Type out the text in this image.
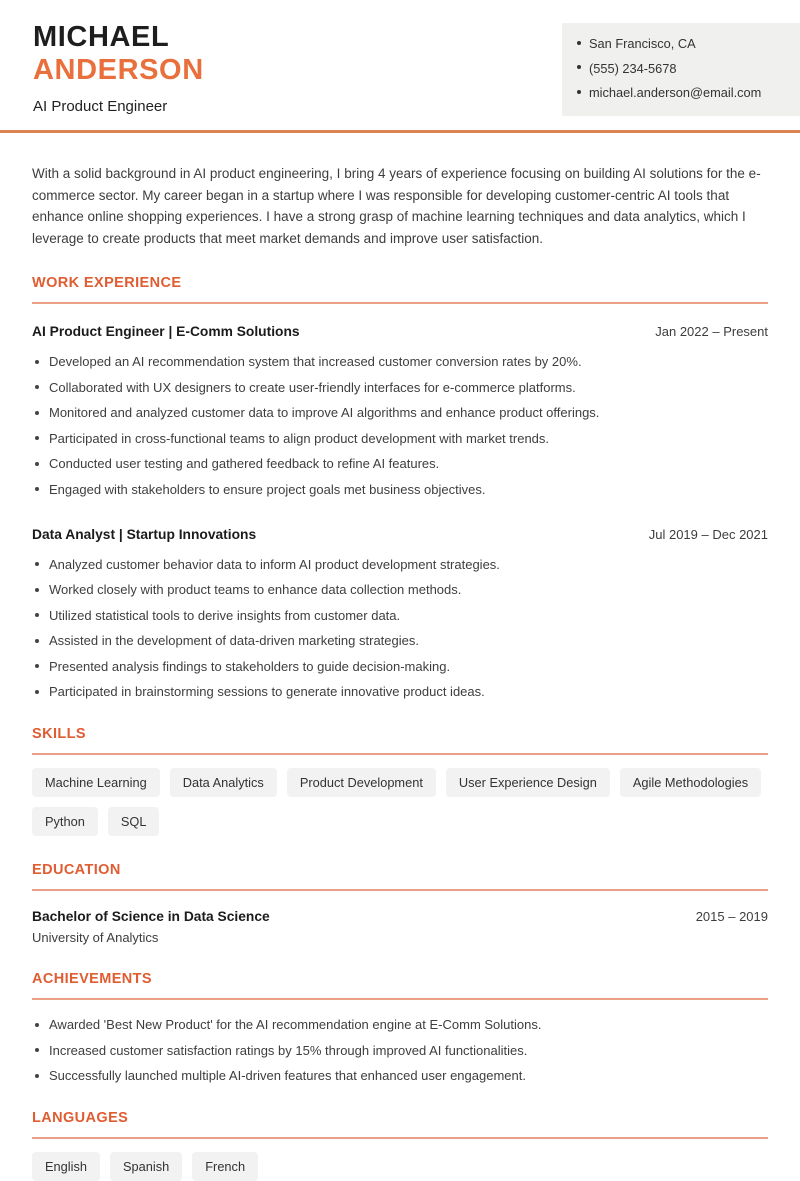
MICHAEL
ANDERSON
AI Product Engineer
San Francisco, CA
(555) 234-5678
michael.anderson@email.com

With a solid background in AI product engineering, I bring 4 years of experience focusing on building AI solutions for the e-commerce sector. My career began in a startup where I was responsible for developing customer-centric AI tools that enhance online shopping experiences. I have a strong grasp of machine learning techniques and data analytics, which I leverage to create products that meet market demands and improve user satisfaction.

WORK EXPERIENCE
AI Product Engineer | E-Comm Solutions	Jan 2022 – Present
Developed an AI recommendation system that increased customer conversion rates by 20%.
Collaborated with UX designers to create user-friendly interfaces for e-commerce platforms.
Monitored and analyzed customer data to improve AI algorithms and enhance product offerings.
Participated in cross-functional teams to align product development with market trends.
Conducted user testing and gathered feedback to refine AI features.
Engaged with stakeholders to ensure project goals met business objectives.
Data Analyst | Startup Innovations	Jul 2019 – Dec 2021
Analyzed customer behavior data to inform AI product development strategies.
Worked closely with product teams to enhance data collection methods.
Utilized statistical tools to derive insights from customer data.
Assisted in the development of data-driven marketing strategies.
Presented analysis findings to stakeholders to guide decision-making.
Participated in brainstorming sessions to generate innovative product ideas.
SKILLS
Machine Learning	Data Analytics	Product Development	User Experience Design	Agile Methodologies
Python	SQL
EDUCATION
Bachelor of Science in Data Science	2015 – 2019
University of Analytics
ACHIEVEMENTS
Awarded 'Best New Product' for the AI recommendation engine at E-Comm Solutions.
Increased customer satisfaction ratings by 15% through improved AI functionalities.
Successfully launched multiple AI-driven features that enhanced user engagement.
LANGUAGES
English	Spanish	French
